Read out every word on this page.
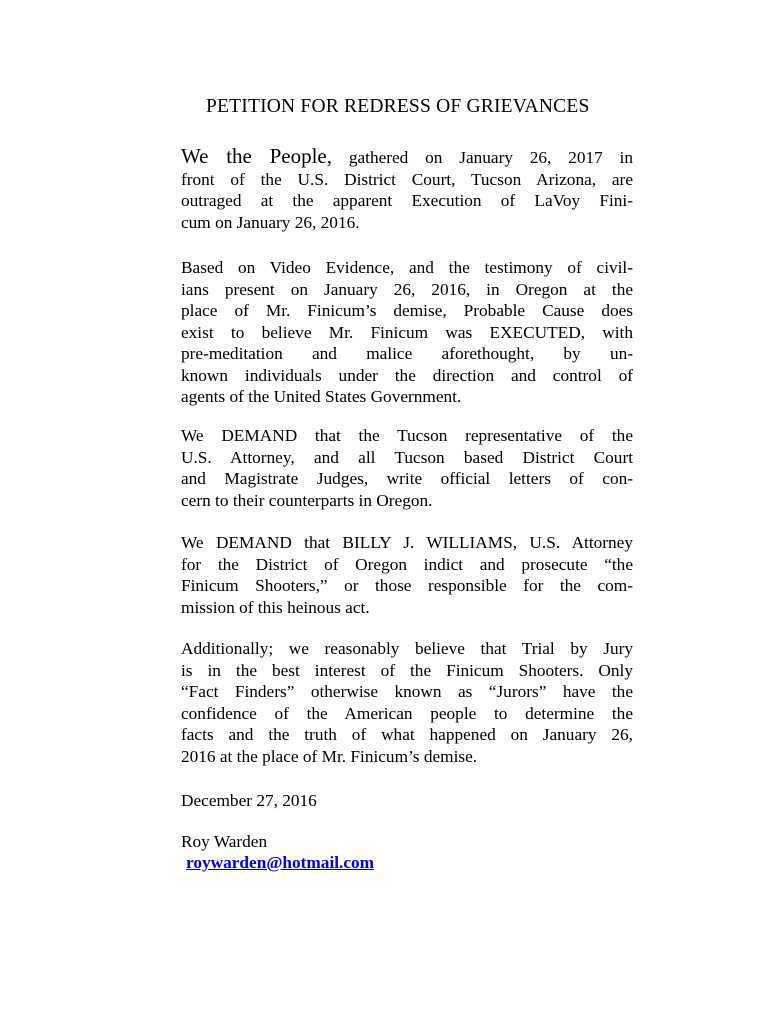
PETITION FOR REDRESS OF GRIEVANCES

We the People, gathered on January 26, 2017 in
front of the U.S. District Court, Tucson Arizona, are
outraged at the apparent Execution of LaVoy Fini-
cum on January 26, 2016.

Based on Video Evidence, and the testimony of civil-
ians present on January 26, 2016, in Oregon at the
place of Mr. Finicum’s demise, Probable Cause does
exist to believe Mr. Finicum was EXECUTED, with
pre-meditation and malice aforethought, by un-
known individuals under the direction and control of
agents of the United States Government.

We DEMAND that the Tucson representative of the
U.S. Attorney, and all Tucson based District Court
and Magistrate Judges, write official letters of con-
cern to their counterparts in Oregon.

We DEMAND that BILLY J. WILLIAMS, U.S. Attorney
for the District of Oregon indict and prosecute “the
Finicum Shooters,” or those responsible for the com-
mission of this heinous act.

Additionally; we reasonably believe that Trial by Jury
is in the best interest of the Finicum Shooters. Only
“Fact Finders” otherwise known as “Jurors” have the
confidence of the American people to determine the
facts and the truth of what happened on January 26,
2016 at the place of Mr. Finicum’s demise.

December 27, 2016

Roy Warden

roywarden@hotmail.com
